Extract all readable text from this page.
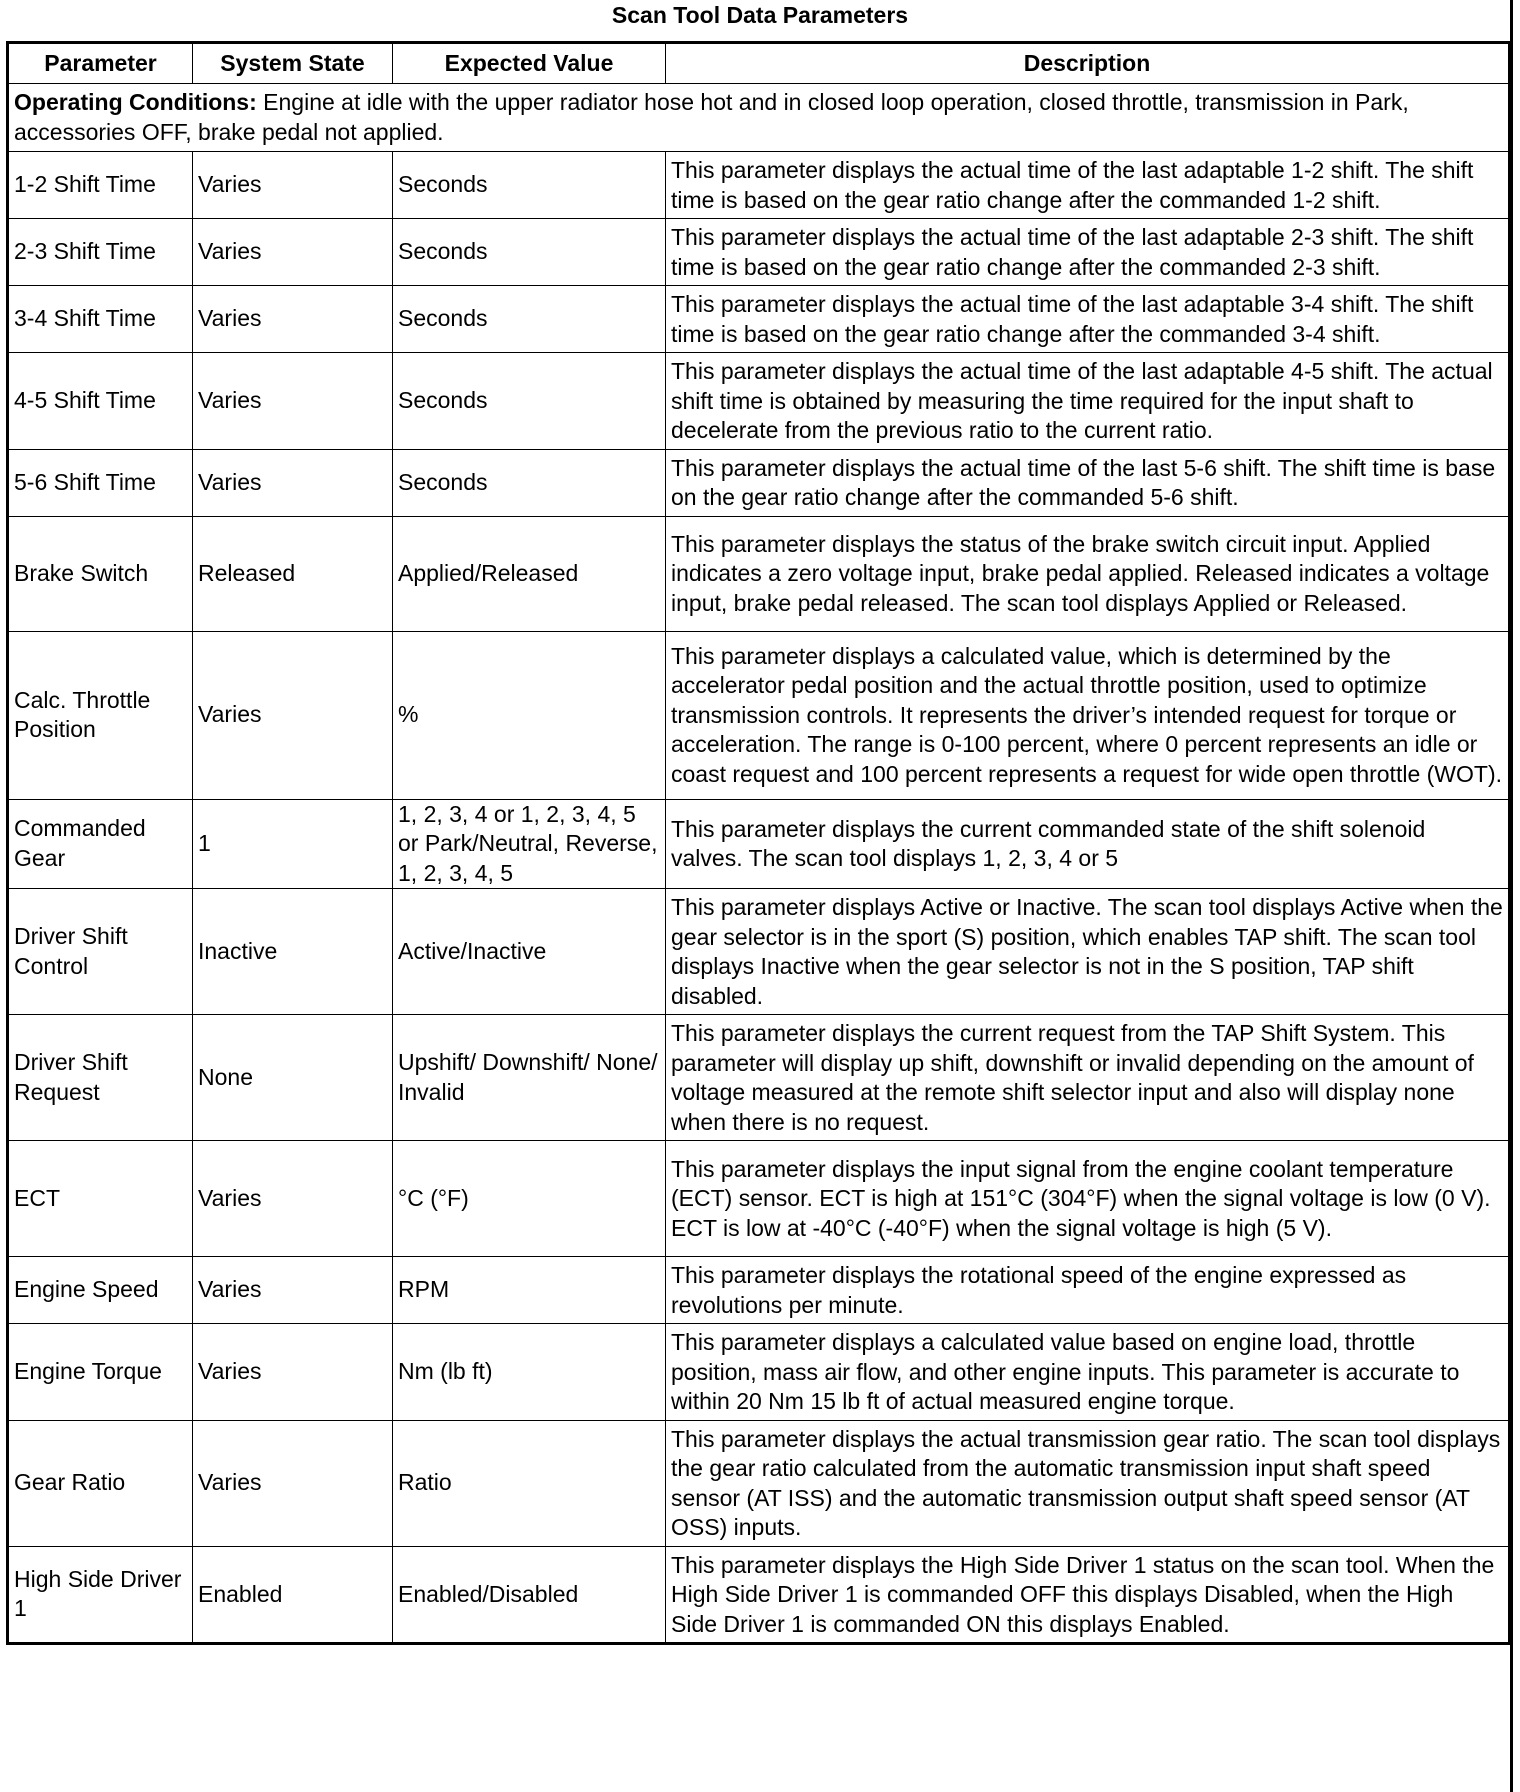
Scan Tool Data Parameters
Parameter	System State	Expected Value	Description
Operating Conditions: Engine at idle with the upper radiator hose hot and in closed loop operation, closed throttle, transmission in Park, accessories OFF, brake pedal not applied.			
1-2 Shift Time	Varies	Seconds	This parameter displays the actual time of the last adaptable 1-2 shift. The shift time is based on the gear ratio change after the commanded 1-2 shift.
2-3 Shift Time	Varies	Seconds	This parameter displays the actual time of the last adaptable 2-3 shift. The shift time is based on the gear ratio change after the commanded 2-3 shift.
3-4 Shift Time	Varies	Seconds	This parameter displays the actual time of the last adaptable 3-4 shift. The shift time is based on the gear ratio change after the commanded 3-4 shift.
4-5 Shift Time	Varies	Seconds	This parameter displays the actual time of the last adaptable 4-5 shift. The actual shift time is obtained by measuring the time required for the input shaft to decelerate from the previous ratio to the current ratio.
5-6 Shift Time	Varies	Seconds	This parameter displays the actual time of the last 5-6 shift. The shift time is base on the gear ratio change after the commanded 5-6 shift.
Brake Switch	Released	Applied/Released	This parameter displays the status of the brake switch circuit input. Applied indicates a zero voltage input, brake pedal applied. Released indicates a voltage input, brake pedal released. The scan tool displays Applied or Released.
Calc. Throttle Position	Varies	%	This parameter displays a calculated value, which is determined by the accelerator pedal position and the actual throttle position, used to optimize transmission controls. It represents the driver’s intended request for torque or acceleration. The range is 0-100 percent, where 0 percent represents an idle or coast request and 100 percent represents a request for wide open throttle (WOT).
Commanded Gear	1	1, 2, 3, 4 or 1, 2, 3, 4, 5 or Park/Neutral, Reverse, 1, 2, 3, 4, 5	This parameter displays the current commanded state of the shift solenoid valves. The scan tool displays 1, 2, 3, 4 or 5
Driver Shift Control	Inactive	Active/Inactive	This parameter displays Active or Inactive. The scan tool displays Active when the gear selector is in the sport (S) position, which enables TAP shift. The scan tool displays Inactive when the gear selector is not in the S position, TAP shift disabled.
Driver Shift Request	None	Upshift/ Downshift/ None/ Invalid	This parameter displays the current request from the TAP Shift System. This parameter will display up shift, downshift or invalid depending on the amount of voltage measured at the remote shift selector input and also will display none when there is no request.
ECT	Varies	°C (°F)	This parameter displays the input signal from the engine coolant temperature (ECT) sensor. ECT is high at 151°C (304°F) when the signal voltage is low (0 V). ECT is low at -40°C (-40°F) when the signal voltage is high (5 V).
Engine Speed	Varies	RPM	This parameter displays the rotational speed of the engine expressed as revolutions per minute.
Engine Torque	Varies	Nm (lb ft)	This parameter displays a calculated value based on engine load, throttle position, mass air flow, and other engine inputs. This parameter is accurate to within 20 Nm 15 lb ft of actual measured engine torque.
Gear Ratio	Varies	Ratio	This parameter displays the actual transmission gear ratio. The scan tool displays the gear ratio calculated from the automatic transmission input shaft speed sensor (AT ISS) and the automatic transmission output shaft speed sensor (AT OSS) inputs.
High Side Driver 1	Enabled	Enabled/Disabled	This parameter displays the High Side Driver 1 status on the scan tool. When the High Side Driver 1 is commanded OFF this displays Disabled, when the High Side Driver 1 is commanded ON this displays Enabled.
